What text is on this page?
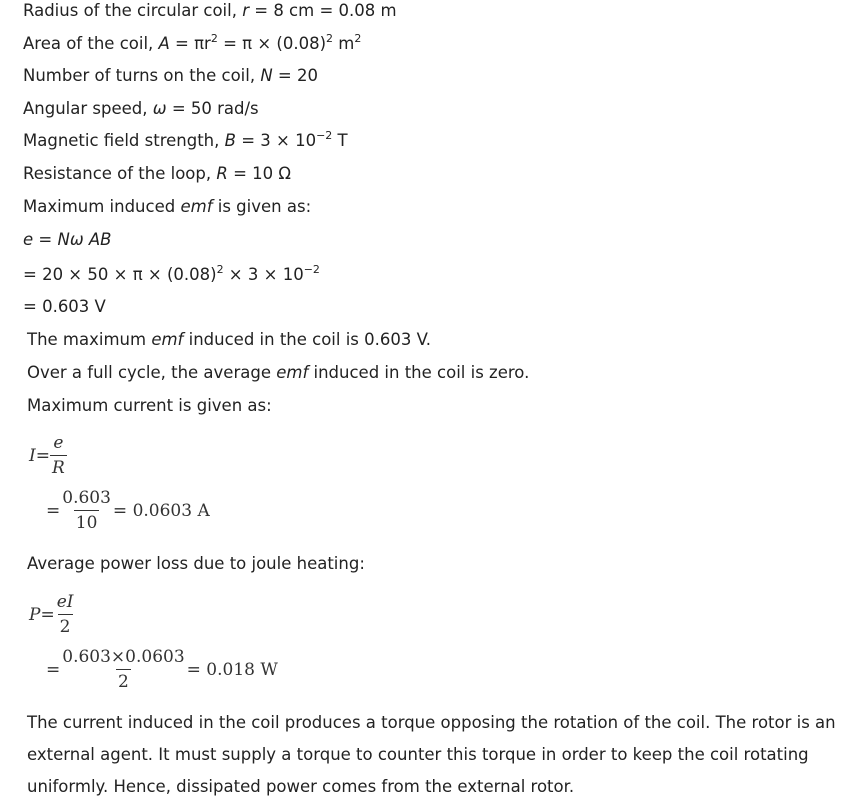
Radius of the circular coil, r = 8 cm = 0.08 m
Area of the coil, $A = \pi r^2 = \pi \times (0.08)^2$ $m^2$
Number of turns on the coil, N = 20
Angular speed, ω = 50 rad/s
Magnetic field strength, $B = 3 \times 10^{-2}$ T
Resistance of the loop, R = 10 Ω
Maximum induced emf is given as:
e = Nω AB
= $20 \times 50 \times \pi \times (0.08)^2 \times 3 \times 10^{-2}$
= 0.603 V
The maximum emf induced in the coil is 0.603 V.
Over a full cycle, the average emf induced in the coil is zero.
Maximum current is given as:
$I = \frac{e}{R}$
= $\frac{0.603}{10} = 0.0603$ A
Average power loss due to joule heating:
$P = \frac{eI}{2}$
= $\frac{0.603\times 0.0603}{2} = 0.018$ W
The current induced in the coil produces a torque opposing the rotation of the coil. The rotor is an external agent. It must supply a torque to counter this torque in order to keep the coil rotating uniformly. Hence, dissipated power comes from the external rotor.
